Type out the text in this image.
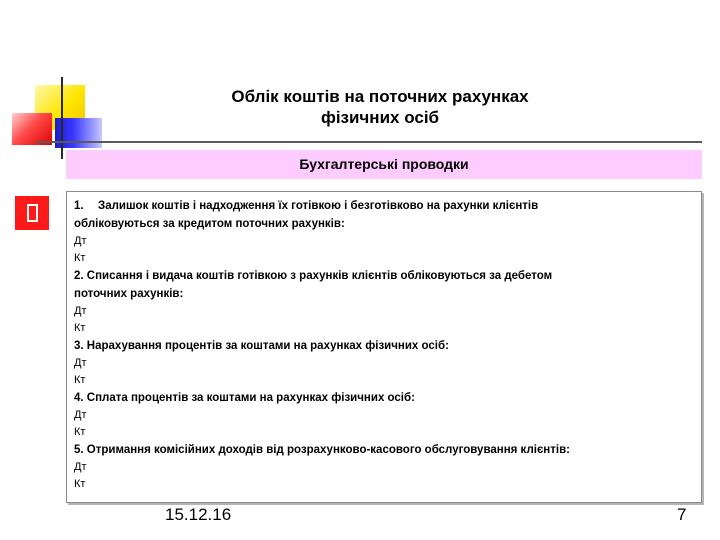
Облік коштів на поточних рахунках
фізичних осіб
Бухгалтерські проводки
1. Залишок коштів і надходження їх готівкою і безготівково на рахунки клієнтів
обліковуються за кредитом поточних рахунків:
Дт
Кт
2. Списання і видача коштів готівкою з рахунків клієнтів обліковуються за дебетом
поточних рахунків:
Дт
Кт
3. Нарахування процентів за коштами на рахунках фізичних осіб:
Дт
Кт
4. Сплата процентів за коштами на рахунках фізичних осіб:
Дт
Кт
5. Отримання комісійних доходів від розрахунково-касового обслуговування клієнтів:
Дт
Кт
15.12.16	7
